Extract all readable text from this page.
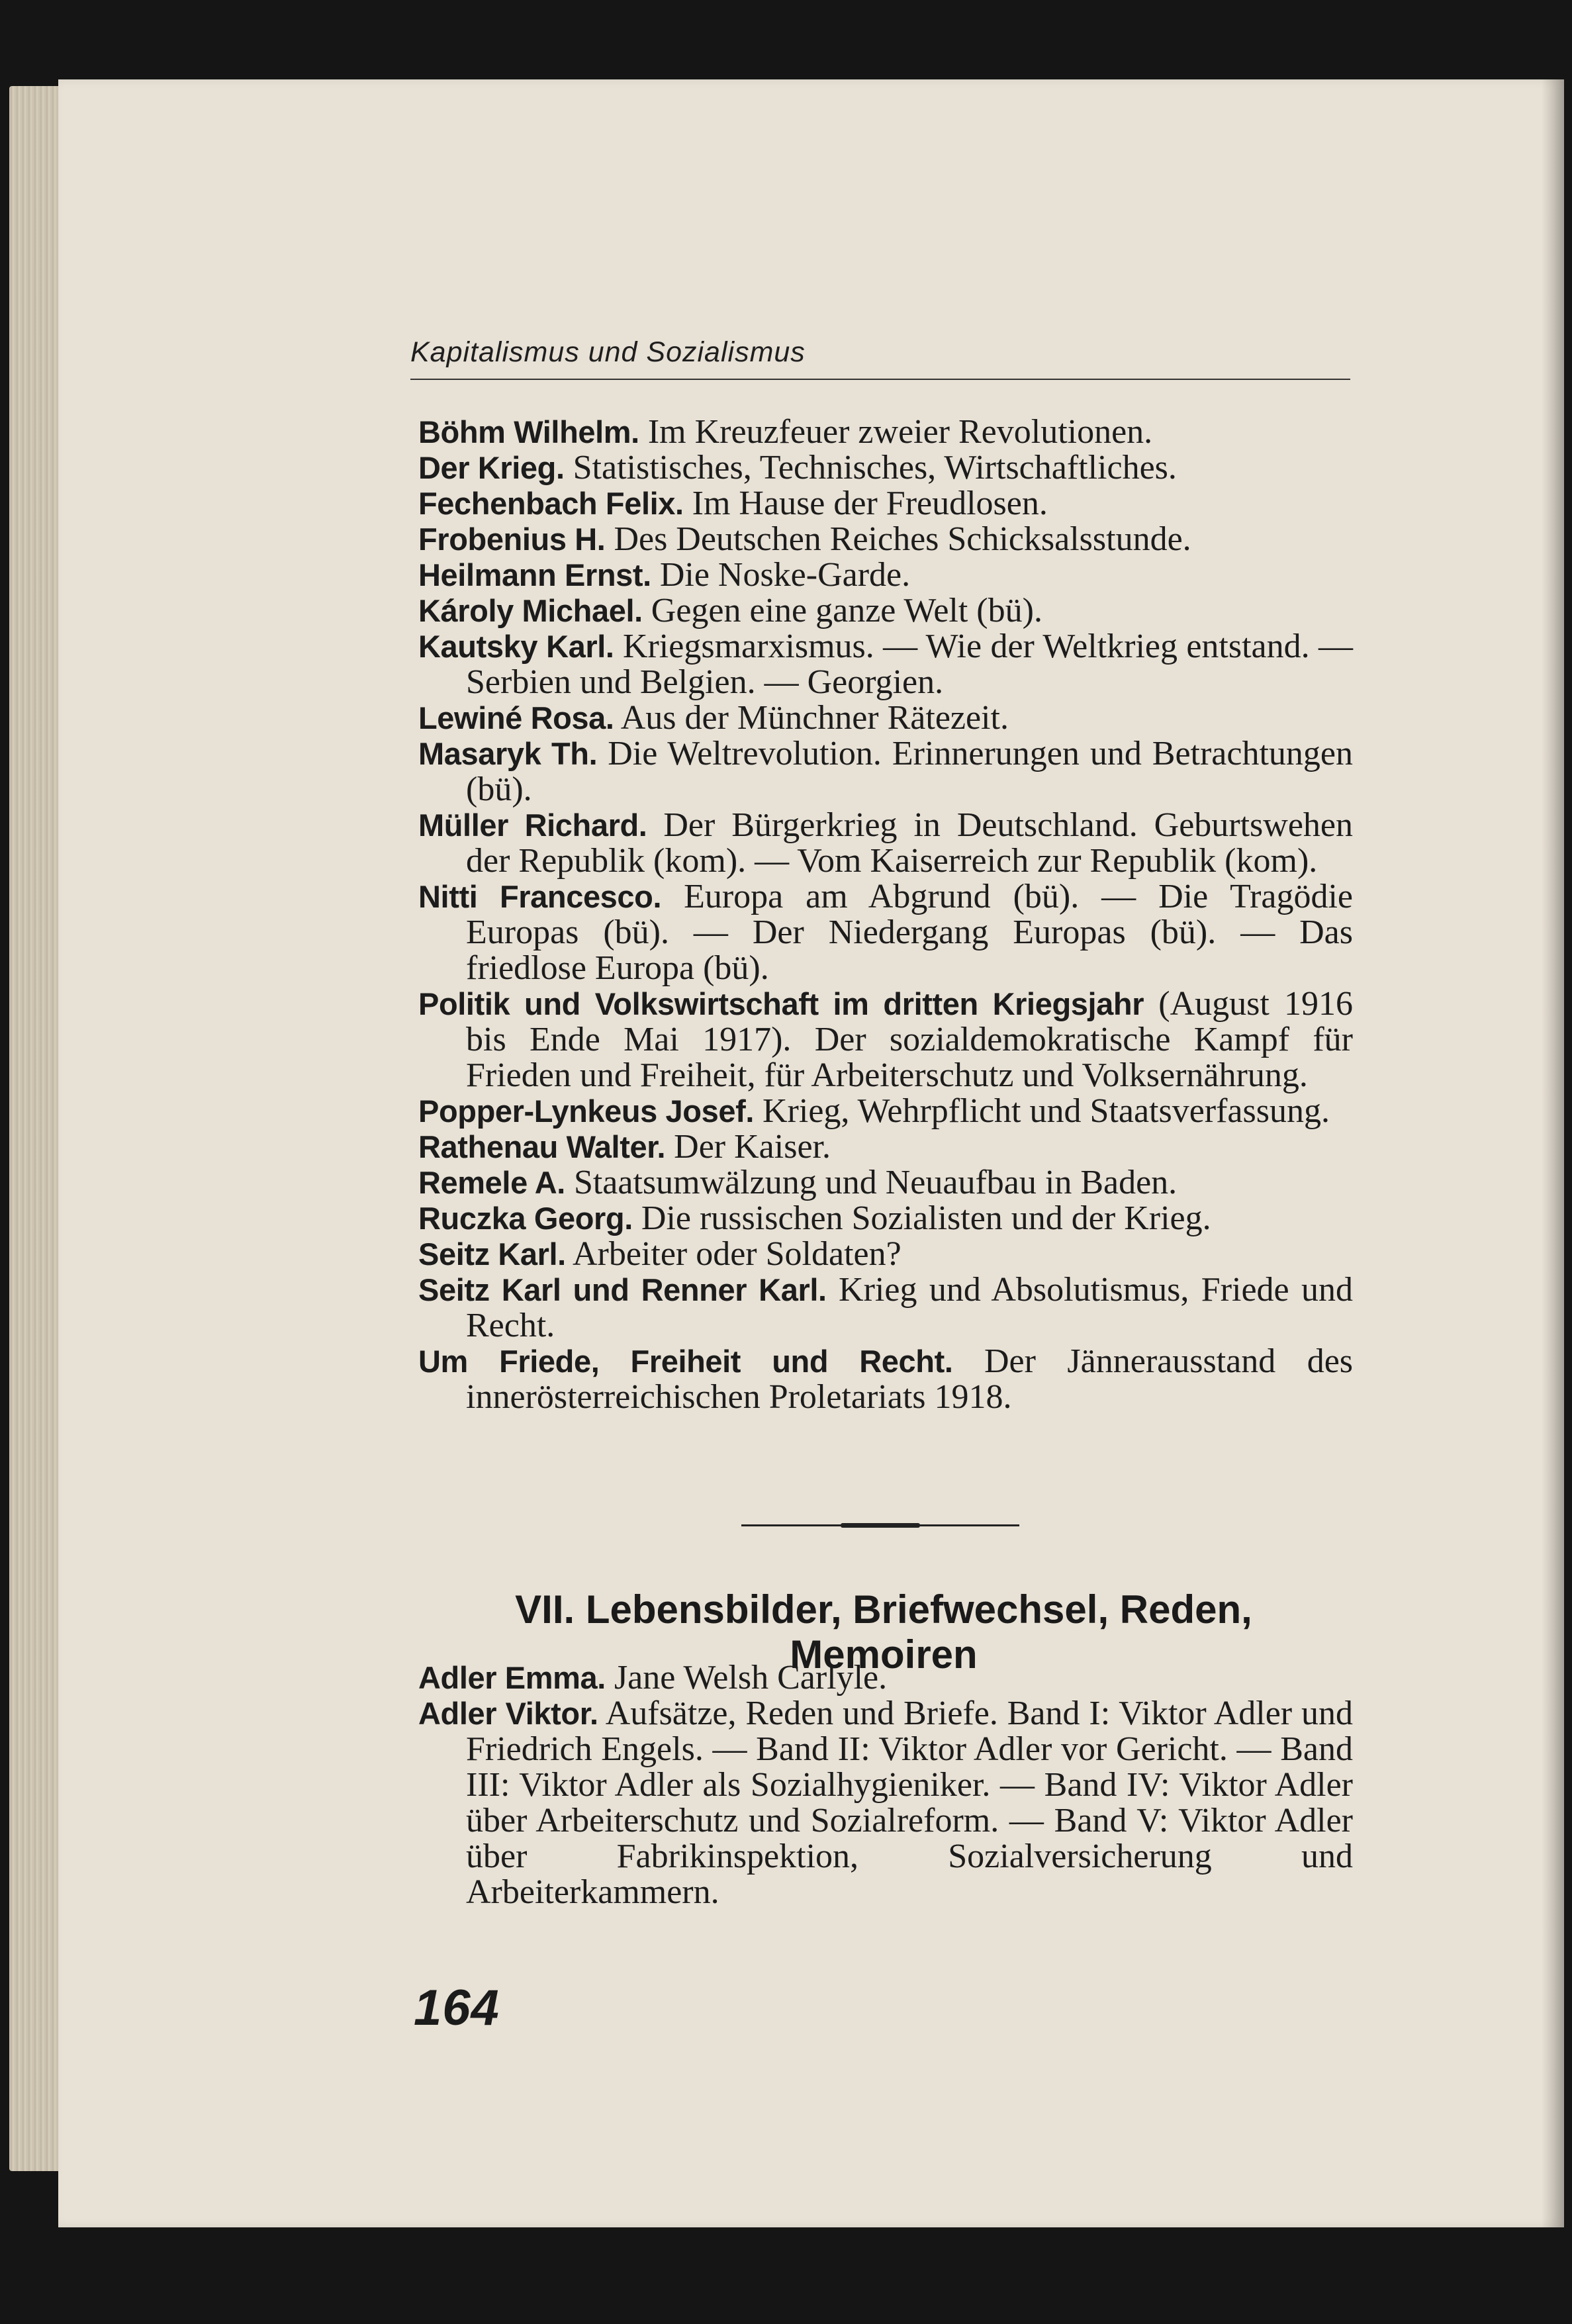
Kapitalismus und Sozialismus
Böhm Wilhelm. Im Kreuzfeuer zweier Revolutionen.
Der Krieg. Statistisches, Technisches, Wirtschaftliches.
Fechenbach Felix. Im Hause der Freudlosen.
Frobenius H. Des Deutschen Reiches Schicksalsstunde.
Heilmann Ernst. Die Noske-Garde.
Károly Michael. Gegen eine ganze Welt (bü).
Kautsky Karl. Kriegsmarxismus. — Wie der Weltkrieg entstand. — Serbien und Belgien. — Georgien.
Lewiné Rosa. Aus der Münchner Rätezeit.
Masaryk Th. Die Weltrevolution. Erinnerungen und Betrachtungen (bü).
Müller Richard. Der Bürgerkrieg in Deutschland. Geburtswehen der Republik (kom). — Vom Kaiserreich zur Republik (kom).
Nitti Francesco. Europa am Abgrund (bü). — Die Tragödie Europas (bü). — Der Niedergang Europas (bü). — Das friedlose Europa (bü).
Politik und Volkswirtschaft im dritten Kriegsjahr (August 1916 bis Ende Mai 1917). Der sozialdemokratische Kampf für Frieden und Freiheit, für Arbeiterschutz und Volksernährung.
Popper-Lynkeus Josef. Krieg, Wehrpflicht und Staatsverfassung.
Rathenau Walter. Der Kaiser.
Remele A. Staatsumwälzung und Neuaufbau in Baden.
Ruczka Georg. Die russischen Sozialisten und der Krieg.
Seitz Karl. Arbeiter oder Soldaten?
Seitz Karl und Renner Karl. Krieg und Absolutismus, Friede und Recht.
Um Friede, Freiheit und Recht. Der Jännerausstand des innerösterreichischen Proletariats 1918.
VII. Lebensbilder, Briefwechsel, Reden,
Memoiren
Adler Emma. Jane Welsh Carlyle.
Adler Viktor. Aufsätze, Reden und Briefe. Band I: Viktor Adler und Friedrich Engels. — Band II: Viktor Adler vor Gericht. — Band III: Viktor Adler als Sozialhygieniker. — Band IV: Viktor Adler über Arbeiterschutz und Sozialreform. — Band V: Viktor Adler über Fabrikinspektion, Sozialversicherung und Arbeiterkammern.
164
